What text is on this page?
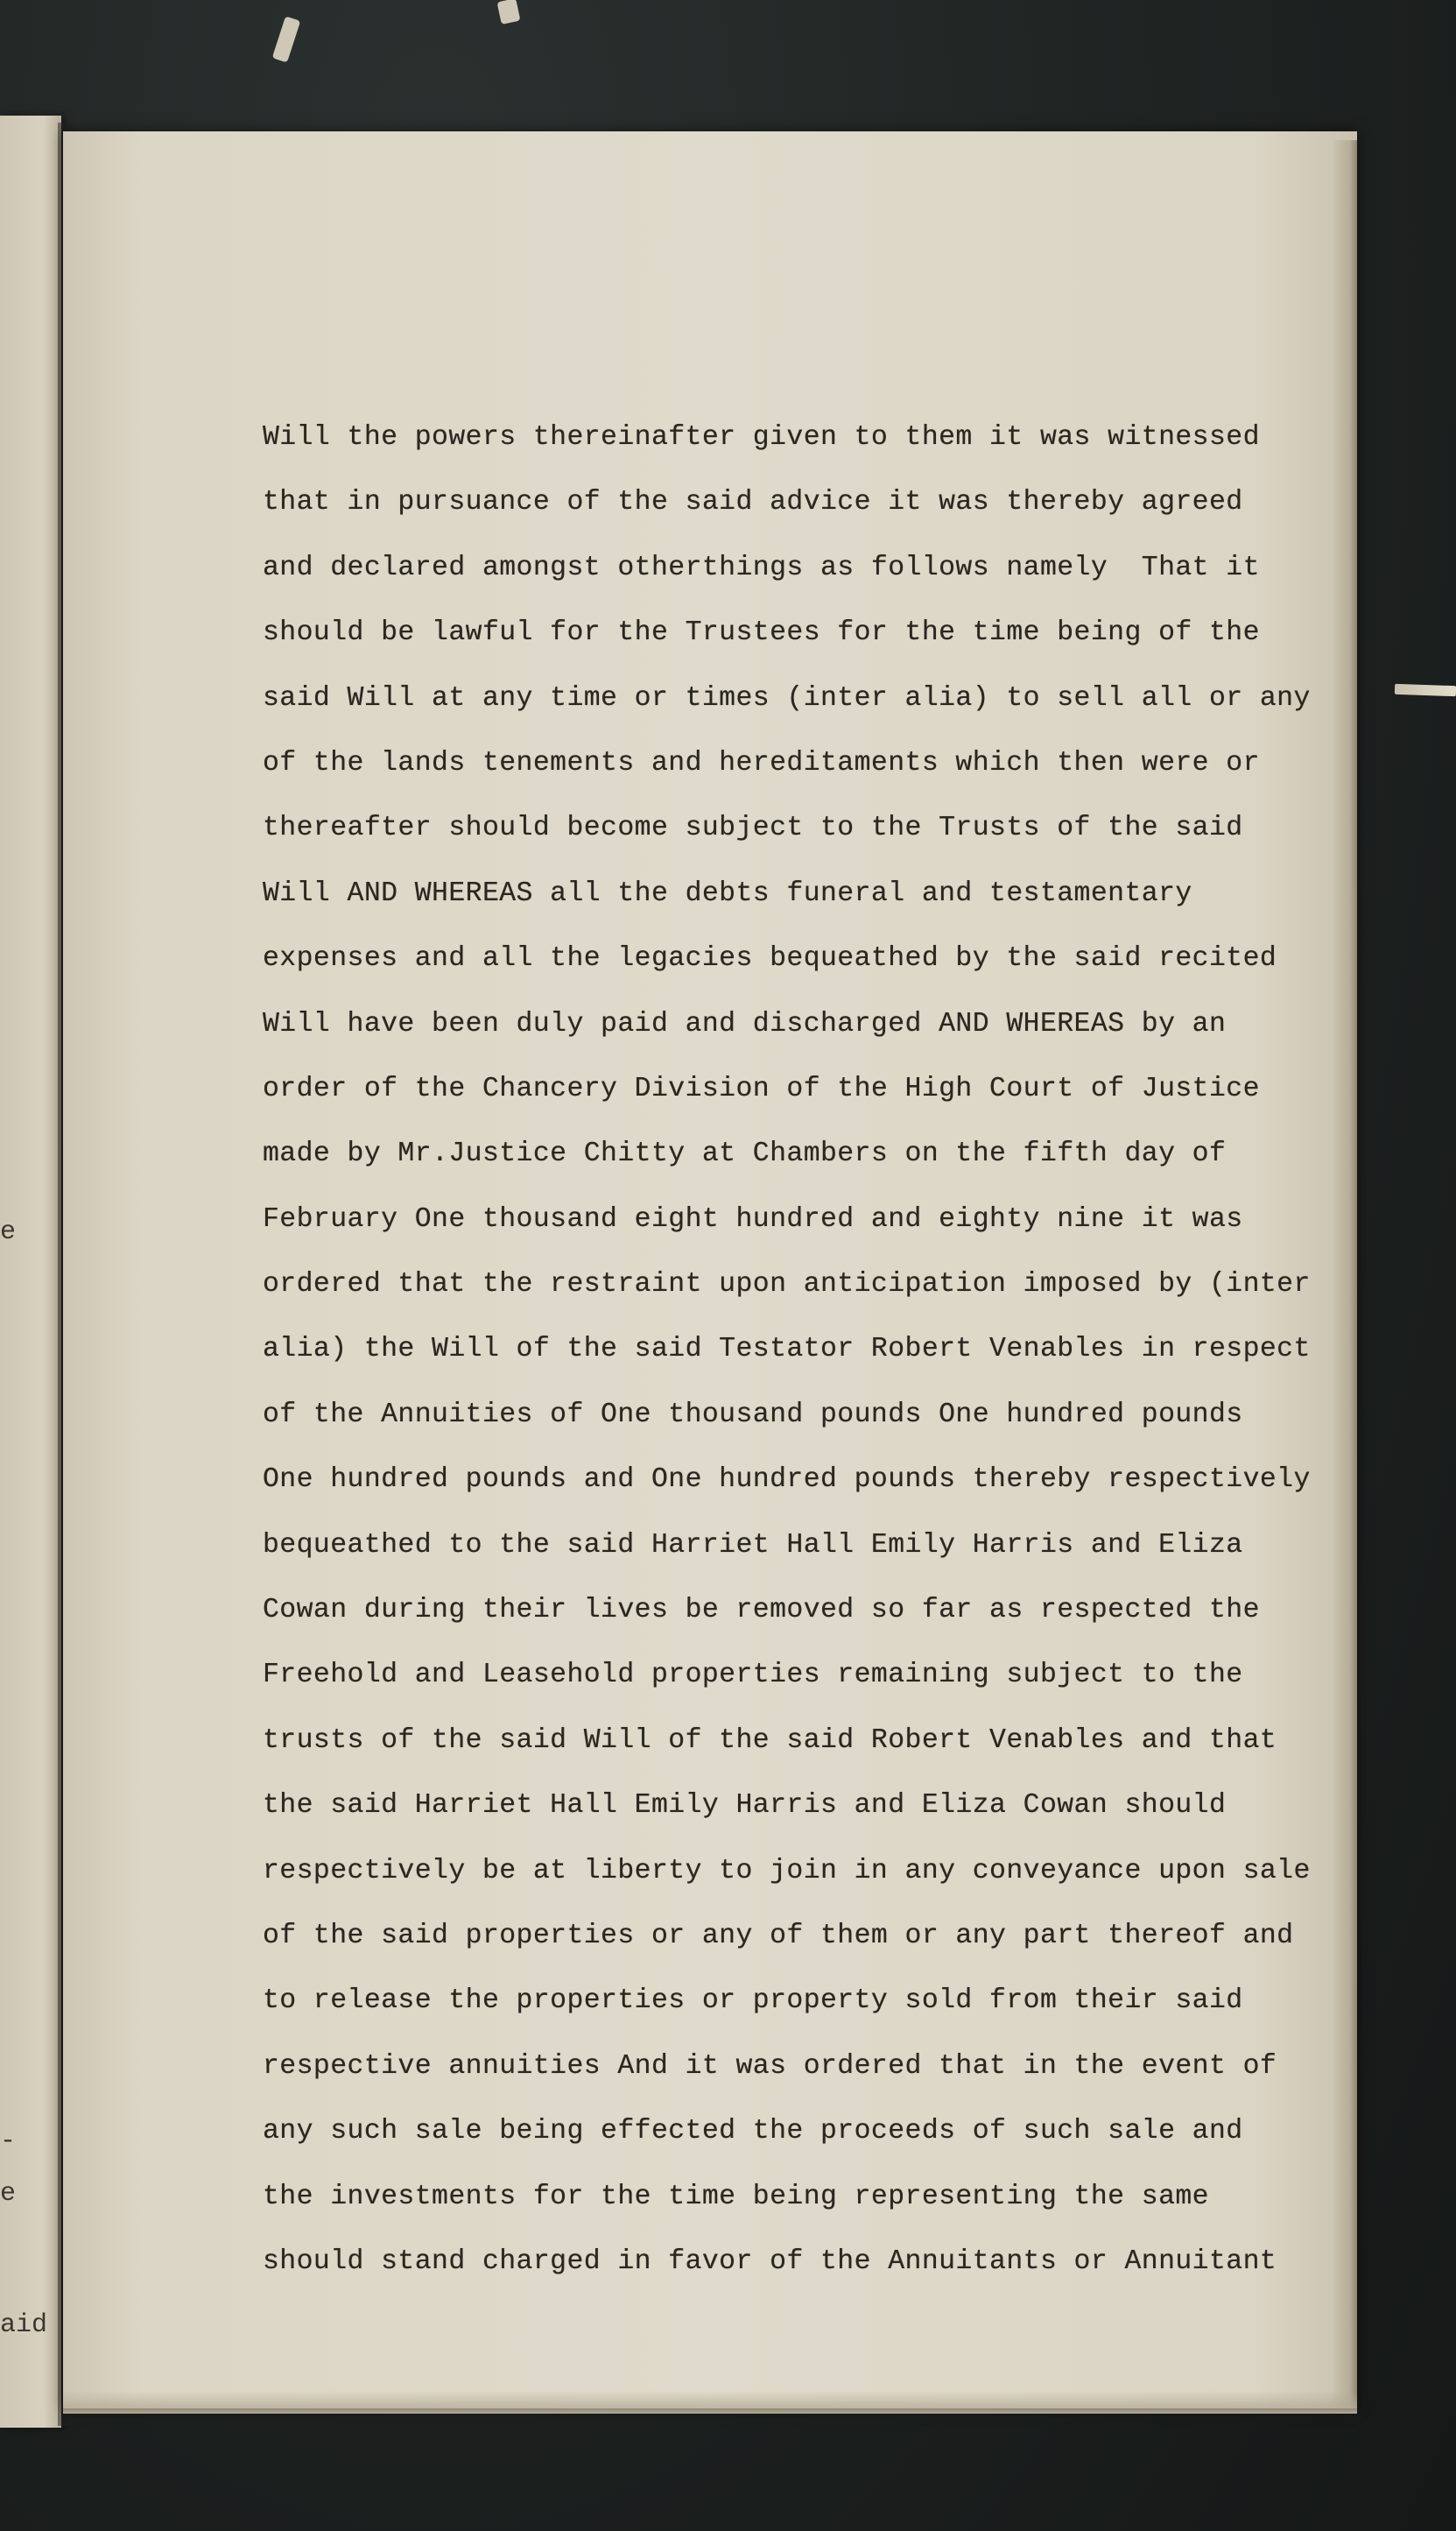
e
-
e
aid
Will the powers thereinafter given to them it was witnessed
that in pursuance of the said advice it was thereby agreed
and declared amongst otherthings as follows namely  That it
should be lawful for the Trustees for the time being of the
said Will at any time or times (inter alia) to sell all or any
of the lands tenements and hereditaments which then were or
thereafter should become subject to the Trusts of the said
Will AND WHEREAS all the debts funeral and testamentary
expenses and all the legacies bequeathed by the said recited
Will have been duly paid and discharged AND WHEREAS by an
order of the Chancery Division of the High Court of Justice
made by Mr.Justice Chitty at Chambers on the fifth day of
February One thousand eight hundred and eighty nine it was
ordered that the restraint upon anticipation imposed by (inter
alia) the Will of the said Testator Robert Venables in respect
of the Annuities of One thousand pounds One hundred pounds
One hundred pounds and One hundred pounds thereby respectively
bequeathed to the said Harriet Hall Emily Harris and Eliza
Cowan during their lives be removed so far as respected the
Freehold and Leasehold properties remaining subject to the
trusts of the said Will of the said Robert Venables and that
the said Harriet Hall Emily Harris and Eliza Cowan should
respectively be at liberty to join in any conveyance upon sale
of the said properties or any of them or any part thereof and
to release the properties or property sold from their said
respective annuities And it was ordered that in the event of
any such sale being effected the proceeds of such sale and
the investments for the time being representing the same
should stand charged in favor of the Annuitants or Annuitant
